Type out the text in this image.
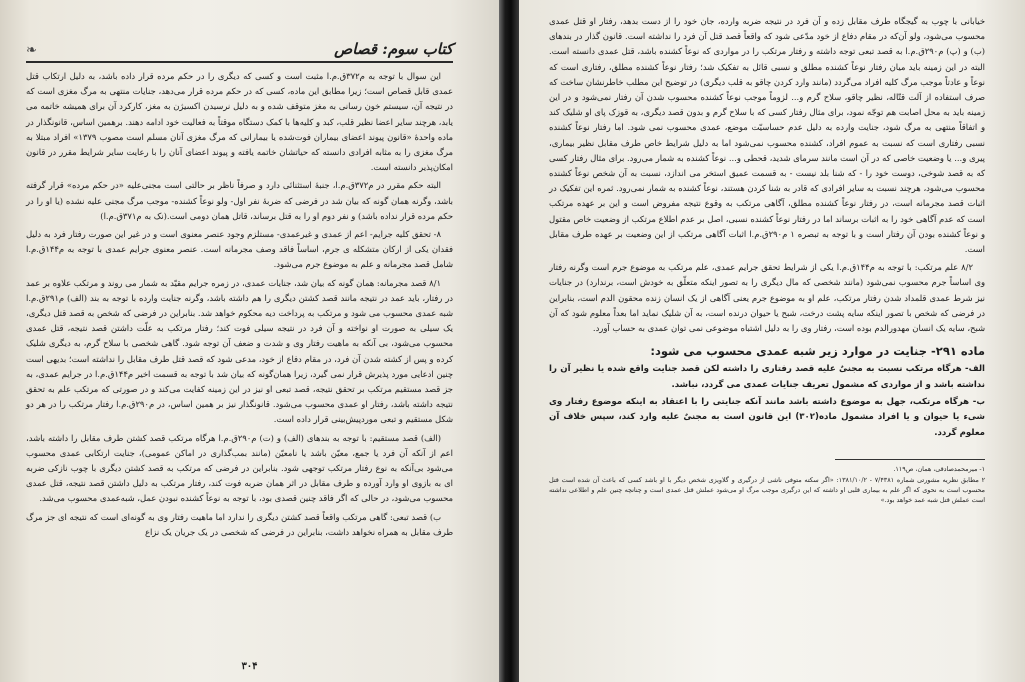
کتاب سوم: قصاص
❧

این سوال با توجه به م۳۷۲ق.م.ا مثبت است و کسی که دیگری را در حکم مرده قرار داده باشد، به دلیل ارتکاب قتل عمدی قابل قصاص است؛ زیرا مطابق این ماده، کسی که در حکم مرده قرار می‌دهد، جنایات منتهی به مرگ مغزی است که در نتیجه آن، سیستم خون رسانی به مغز متوقف شده و به دلیل نرسیدن اکسیژن به مغز، کارکرد آن برای همیشه خاتمه می یابد، هرچند سایر اعضا نظیر قلب، کبد و کلیه‌ها با کمک دستگاه موقتاً به فعالیت خود ادامه دهند. برهمین اساس، قانونگذار در ماده واحدهٔ «قانون پیوند اعضای بیماران فوت‌شده یا بیمارانی که مرگ مغزی آنان مسلم است مصوب ۱۳۷۹» افراد مبتلا به مرگ مغزی را به مثابه افرادی دانسته که حیاتشان خاتمه یافته و پیوند اعضای آنان را با رعایت سایر شرایط مقرر در قانون امکان‌پذیر دانسته است.

البته حکم مقرر در م۳۷۲ق.م.ا، جنبهٔ استثنائی دارد و صرفاً ناظر بر حالتی است مجنی‌علیه «در حکم مرده» قرار گرفته باشد، وگرنه همان گونه که بیان شد در فرضی که ضربهٔ نفر اول- ولو نوعاً کشنده- موجب مرگ مجنی علیه نشده (یا او را در حکم مرده قرار نداده باشد) و نفر دوم او را به قتل برساند، قاتل همان دومی است.(نک به م۳۷۱ق.م.ا)

۸- تحقق کلیه جرایم- اعم از عمدی و غیرعمدی- مستلزم وجود عنصر معنوی است و در غیر این صورت رفتار فرد به دلیل فقدان یکی از ارکان متشکله ی جرم، اساساً فاقد وصف مجرمانه است. عنصر معنوی جرایم عمدی با توجه به م۱۴۴ق.م.ا شامل قصد مجرمانه و علم به موضوع جرم می‌شود.

۸/۱ قصد مجرمانه: همان گونه که بیان شد، جنایات عمدی، در زمره جرایم مقیّد به شمار می روند و مرتکب علاوه بر عمد در رفتار، باید عمد در نتیجه مانند قصد کشتن دیگری را هم داشته باشد، وگرنه جنایت وارده با توجه به بند (الف) م۲۹۱ق.م.ا شبه عمدی محسوب می شود و مرتکب به پرداخت دیه محکوم خواهد شد. بنابراین در فرضی که شخص به قصد قتل دیگری، یک سیلی به صورت او نواخته و آن فرد در نتیجه سیلی فوت کند؛ رفتار مرتکب به علّت داشتن قصد نتیجه، قتل عمدی محسوب می‌شود، بی آنکه به ماهیت رفتار وی و شدت و ضعف آن توجه شود. گاهی شخصی با سلاح گرم، به دیگری شلیک کرده و پس از کشته شدن آن فرد، در مقام دفاع از خود، مدعی شود که قصد قتل طرف مقابل را نداشته است؛ بدیهی است چنین ادعایی مورد پذیرش قرار نمی گیرد، زیرا همان‌گونه که بیان شد با توجه به قسمت اخیر م۱۴۴ق.م.ا در جرایم عمدی، به جز قصد مستقیم مرتکب بر تحقق نتیجه، قصد تبعی او نیز در این زمینه کفایت می‌کند و در صورتی که مرتکب علم به تحقق نتیجه داشته باشد، رفتار او عمدی محسوب می‌شود. قانونگذار نیز بر همین اساس، در م۲۹۰ق.م.ا رفتار مرتکب را در هر دو شکل مستقیم و تبعی موردپیش‌بینی قرار داده است.

(الف) قصد مستقیم: با توجه به بندهای (الف) و (ت) م۲۹۰ق.م.ا هرگاه مرتکب قصد کشتن طرف مقابل را داشته باشد، اعم از آنکه آن فرد یا جمع، معیّن باشد یا نامعیّن (مانند بمب‌گذاری در اماکن عمومی)، جنایت ارتکابی عمدی محسوب می‌شود بی‌آنکه به نوع رفتار مرتکب توجهی شود. بنابراین در فرضی که مرتکب به قصد کشتن دیگری با چوب نازکی ضربه ای به بازوی او وارد آورده و طرف مقابل در اثر همان ضربه فوت کند، رفتار مرتکب به دلیل داشتن قصد نتیجه، قتل عمدی محسوب می‌شود، در حالی که اگر فاقد چنین قصدی بود، با توجه به نوعاً کشنده نبودن عمل، شبه‌عمدی محسوب می‌شد.

ب) قصد تبعی: گاهی مرتکب واقعاً قصد کشتن دیگری را ندارد اما ماهیت رفتار وی به گونه‌ای است که نتیجه ای جز مرگ طرف مقابل به همراه نخواهد داشت، بنابراین در فرضی که شخصی در یک جریان یک نزاع

۳۰۴

خیابانی با چوب به گیجگاه طرف مقابل زده و آن فرد در نتیجه ضربه وارده، جان خود را از دست بدهد، رفتار او قتل عمدی محسوب می‌شود، ولو آن‌که در مقام دفاع از خود مدّعی شود که واقعاً قصد قتل آن فرد را نداشته است. قانون گذار در بندهای (ب) و (پ) م۲۹۰ق.م.ا به قصد تبعی توجه داشته و رفتار مرتکب را در مواردی که نوعاً کشنده باشد، قتل عمدی دانسته است. البته در این زمینه باید میان رفتار نوعاً کشنده مطلق و نسبی قائل به تفکیک شد؛ رفتار نوعاً کشنده مطلق، رفتاری است که نوعاً و عادتاً موجب مرگ کلیه افراد می‌گردد (مانند وارد کردن چاقو به قلب دیگری) در توضیح این مطلب خاطرنشان ساخت که صرف استفاده از آلت قتّاله، نظیر چاقو، سلاح گرم و... لزوماً موجب نوعاً کشنده محسوب شدن آن رفتار نمی‌شود و در این زمینه باید به محل اصابت هم توجّه نمود، برای مثال رفتار کسی که با سلاح گرم و بدون قصد دیگری، به قوزک پای او شلیک کند و اتفاقاً منتهی به مرگ شود، جنایت وارده به دلیل عدم حساسیّت موضع، عمدی محسوب نمی شود. اما رفتار نوعاً کشنده نسبی رفتاری است که نسبت به عموم افراد، کشنده محسوب نمی‌شود اما به دلیل شرایط خاص طرف مقابل نظیر بیماری، پیری و... یا وضعیت خاصی که در آن است مانند سرمای شدید، قحطی و... نوعاً کشنده به شمار می‌رود. برای مثال رفتار کسی که به قصد شوخی، دوست خود را - که شنا بلد نیست - به قسمت عمیق استخر می اندازد، نسبت به آن شخص نوعاً کشنده محسوب می‌شود، هرچند نسبت به سایر افرادی که قادر به شنا کردن هستند، نوعاً کشنده به شمار نمی‌رود. ثمره این تفکیک در اثبات قصد مجرمانه است، در رفتار نوعاً کشنده مطلق، آگاهی مرتکب به وقوع نتیجه مفروض است و این بر عهده مرتکب است که عدم آگاهی خود را به اثبات برساند اما در رفتار نوعاً کشنده نسبی، اصل بر عدم اطلاع مرتکب از وضعیت خاص مقتول و نوعاً کشنده بودن آن رفتار است و با توجه به تبصره ۱ م۲۹۰ق.م.ا اثبات آگاهی مرتکب از این وضعیت بر عهده طرف مقابل است.

۸/۲ علم مرتکب: با توجه به م۱۴۴ق.م.ا یکی از شرایط تحقق جرایم عمدی، علم مرتکب به موضوع جرم است وگرنه رفتار وی اساساً جرم محسوب نمی‌شود (مانند شخصی که مال دیگری را به تصور اینکه متعلّق به خودش است، برندارد) در جنایات نیز شرط عمدی قلمداد شدن رفتار مرتکب، علم او به موضوع جرم یعنی آگاهی از یک انسان زنده محقون الدم است، بنابراین در فرضی که شخص با تصور اینکه سایه پشت درخت، شبح یا حیوان درنده است، به آن شلیک نماید اما بعداً معلوم شود که آن شبح، سایه یک انسان مهدورالدم بوده است، رفتار وی را به دلیل اشتباه موضوعی نمی توان عمدی به حساب آورد.

ماده ۲۹۱- جنایت در موارد زیر شبه عمدی محسوب می شود:

الف- هرگاه مرتکب نسبت به مجنیٌ علیه قصد رفتاری را داشته لکن قصد جنایت واقع شده یا نظیر آن را نداشته باشد و از مواردی که مشمول تعریف جنایات عمدی می گردد، نباشد.

ب- هرگاه مرتکب، جهل به موضوع داشته باشد مانند آنکه جنایتی را با اعتقاد به اینکه موضوع رفتار وی شیء یا حیوان و یا افراد مشمول ماده(۳۰۲) این قانون است به مجنیٌ علیه وارد کند، سپس خلاف آن معلوم گردد.

۱- میرمحمدصادقی، همان، ص۱۱۹.

۲ مطابق نظریه مشورتی شماره ۷/۴۳۸۱ - ۱۳۸۱/۱۰/۲: «اگر سکته متوفی ناشی از درگیری و گلاویزی شخص دیگر با او باشد کسی که باعث آن شده است قتل محسوب است به نحوی که اگر علم به بیماری قلبی او داشته که این درگیری موجب مرگ او می‌شود عملش قتل عمدی است و چنانچه چنین علم و اطلاعی نداشته است عملش قتل شبه عمد خواهد بود.»
